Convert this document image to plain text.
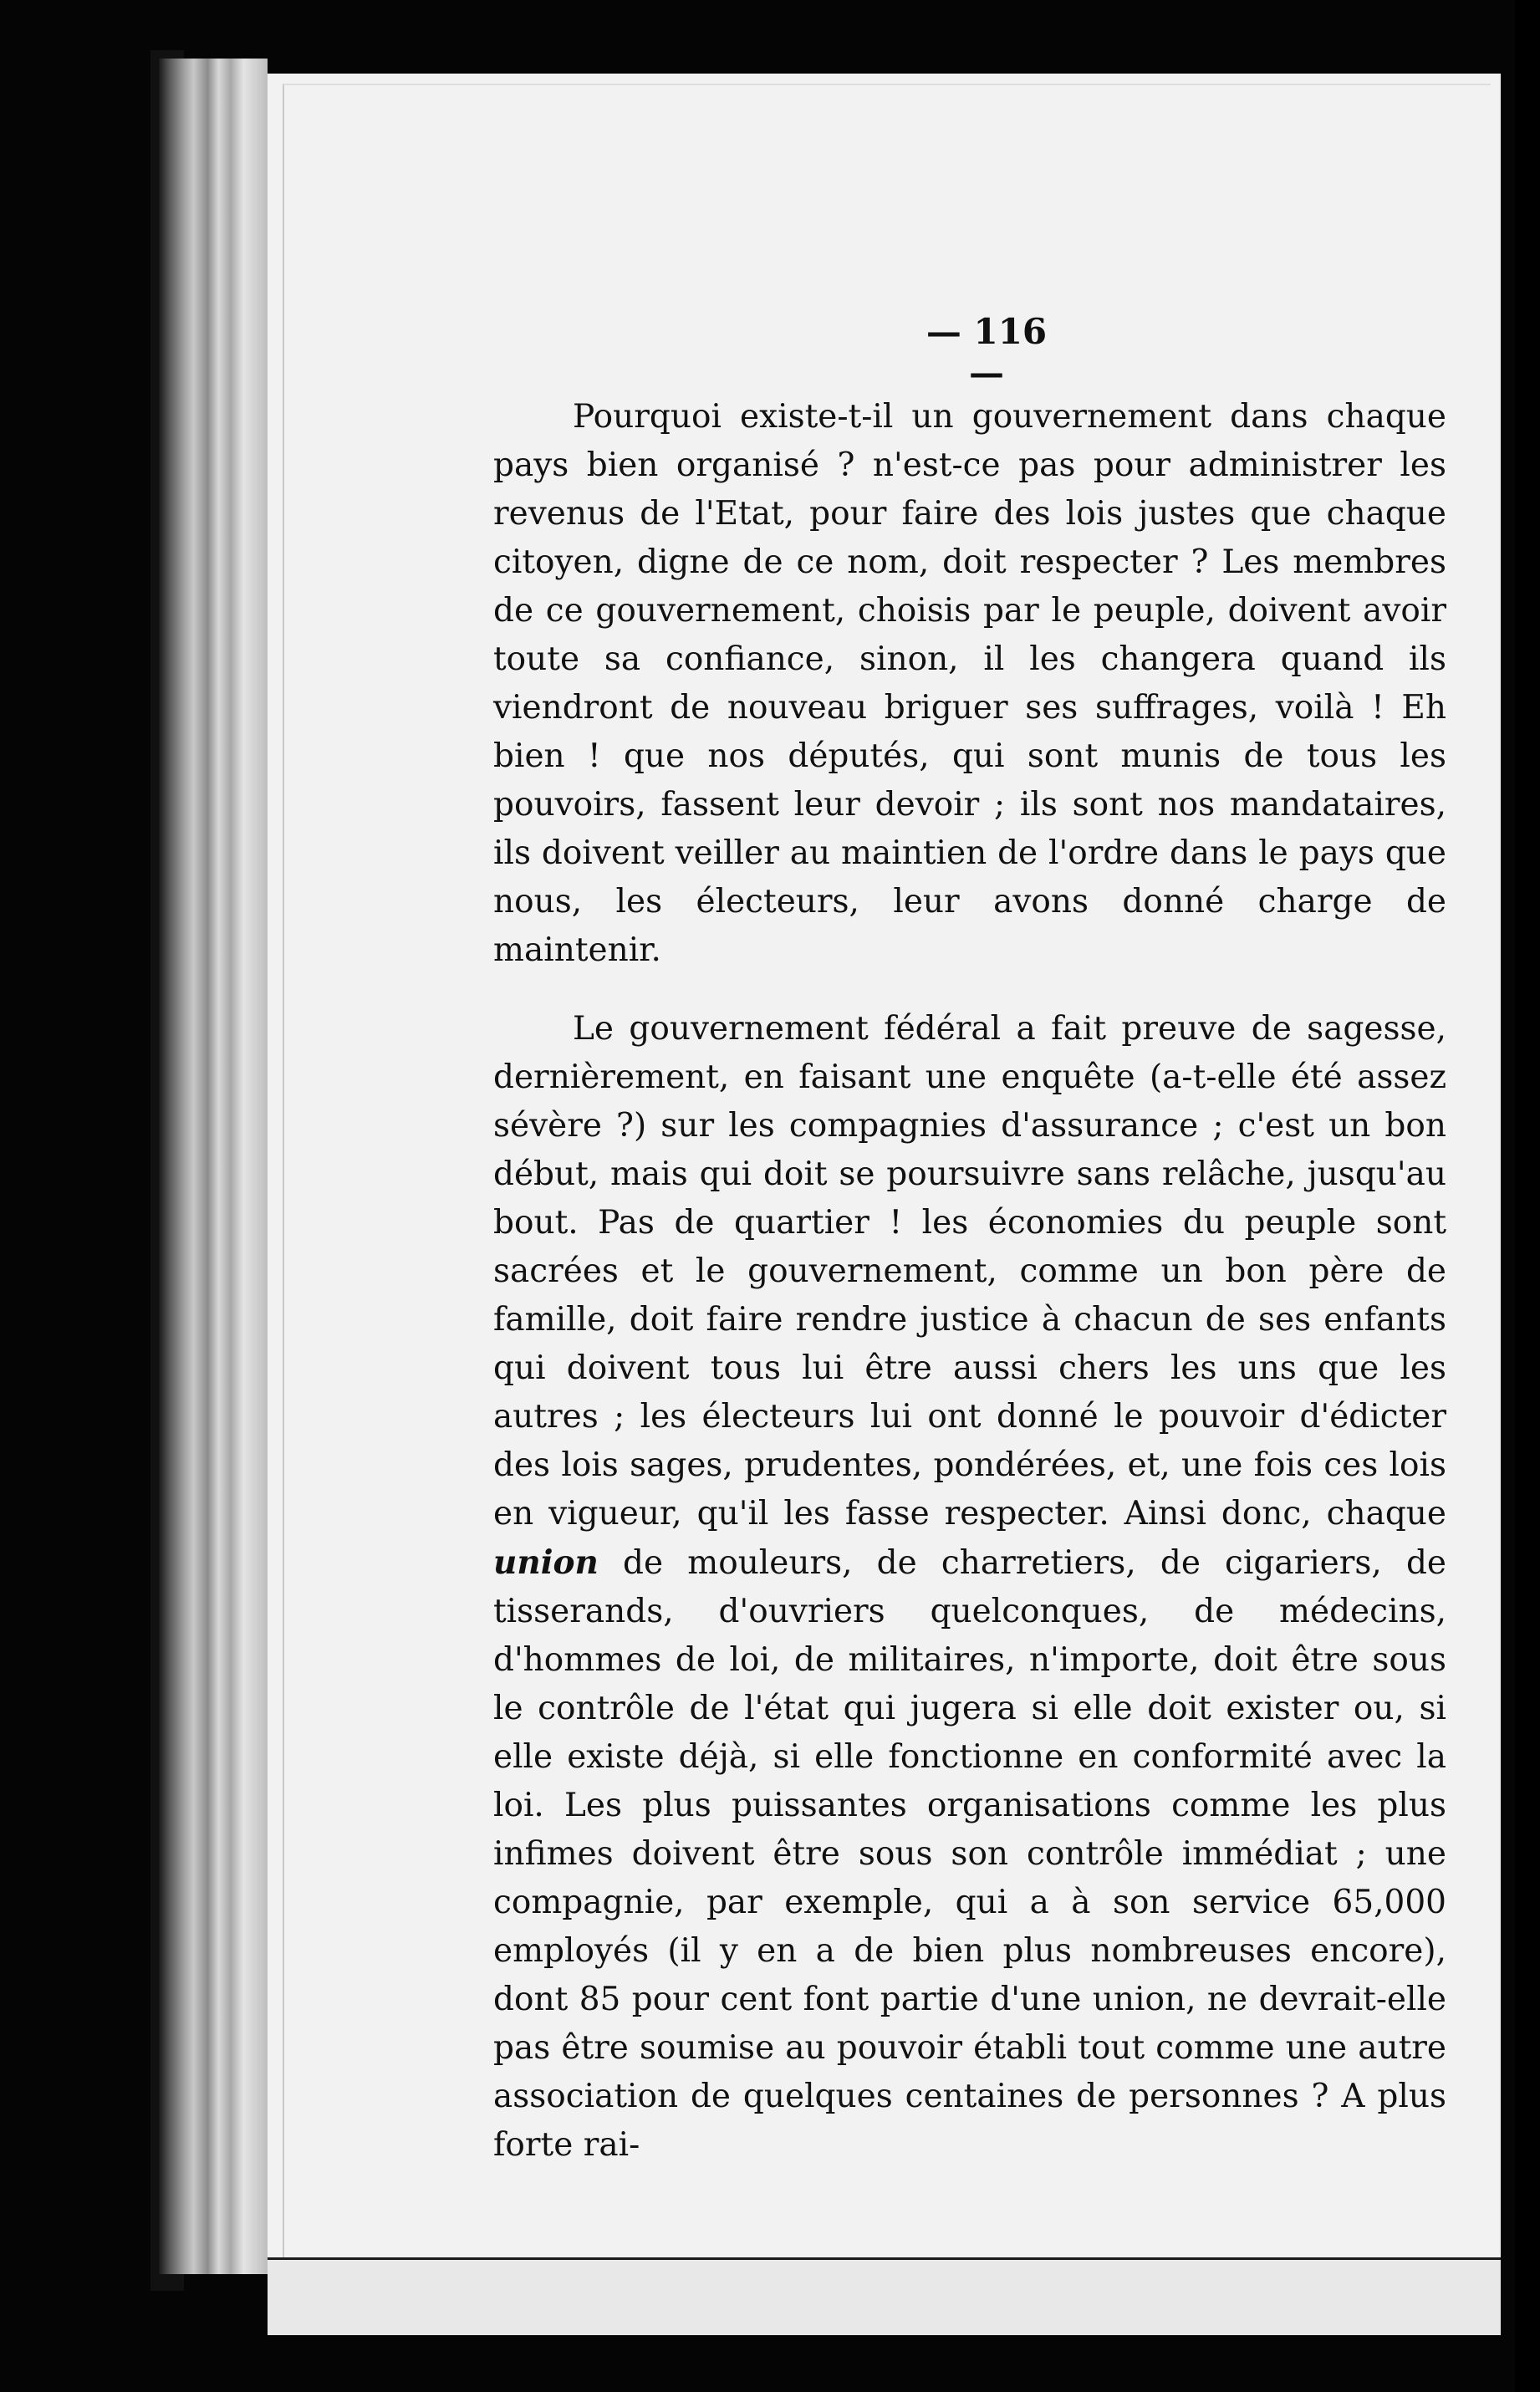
— 116 —

Pourquoi existe-t-il un gouvernement dans chaque pays bien organisé ? n'est-ce pas pour administrer les revenus de l'Etat, pour faire des lois justes que chaque citoyen, digne de ce nom, doit respecter ? Les membres de ce gouvernement, choisis par le peuple, doivent avoir toute sa confiance, sinon, il les changera quand ils viendront de nouveau briguer ses suffrages, voilà ! Eh bien ! que nos députés, qui sont munis de tous les pouvoirs, fassent leur devoir ; ils sont nos mandataires, ils doivent veiller au maintien de l'ordre dans le pays que nous, les électeurs, leur avons donné charge de maintenir.

Le gouvernement fédéral a fait preuve de sagesse, dernièrement, en faisant une enquête (a-t-elle été assez sévère ?) sur les compagnies d'assurance ; c'est un bon début, mais qui doit se poursuivre sans relâche, jusqu'au bout. Pas de quartier ! les économies du peuple sont sacrées et le gouvernement, comme un bon père de famille, doit faire rendre justice à chacun de ses enfants qui doivent tous lui être aussi chers les uns que les autres ; les électeurs lui ont donné le pouvoir d'édicter des lois sages, prudentes, pondérées, et, une fois ces lois en vigueur, qu'il les fasse respecter. Ainsi donc, chaque union de mouleurs, de charretiers, de cigariers, de tisserands, d'ouvriers quelconques, de médecins, d'hommes de loi, de militaires, n'importe, doit être sous le contrôle de l'état qui jugera si elle doit exister ou, si elle existe déjà, si elle fonctionne en conformité avec la loi. Les plus puissantes organisations comme les plus infimes doivent être sous son contrôle immédiat ; une compagnie, par exemple, qui a à son service 65,000 employés (il y en a de bien plus nombreuses encore), dont 85 pour cent font partie d'une union, ne devrait-elle pas être soumise au pouvoir établi tout comme une autre association de quelques centaines de personnes ? A plus forte rai-
